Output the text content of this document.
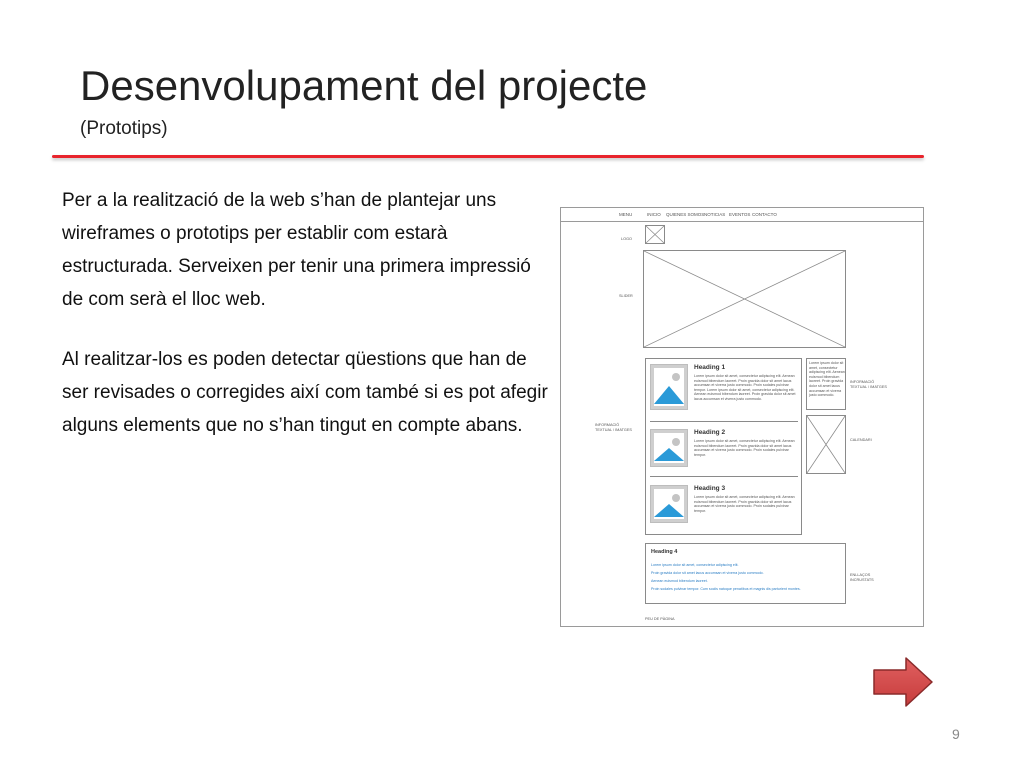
Desenvolupament del projecte
(Prototips)

Per a la realització de la web s’han de plantejar uns wireframes o prototips per establir com estarà estructurada. Serveixen per tenir una primera impressió de com serà el lloc web.

Al realitzar-los es poden detectar qüestions que han de ser revisades o corregides així com també si es pot afegir alguns elements que no s’han tingut en compte abans.

MENU	INICIO QUIENES SOMOS NOTICIAS EVENTOS CONTACTO
LOGO
SLIDER
INFORMACIÓ TEXTUAL / IMATGES
Heading 1
Lorem ipsum dolor sit amet, consectetur adipiscing elit. Aenean euismod bibendum laoreet. Proin gravida dolor sit amet lacus accumsan et viverra justo commodo. Proin sodales pulvinar tempor. Lorem ipsum dolor sit amet, consectetur adipiscing elit. Aenean euismod bibendum laoreet. Proin gravida dolor sit amet lacus accumsan et viverra justo commodo.
Heading 2
Lorem ipsum dolor sit amet, consectetur adipiscing elit. Aenean euismod bibendum laoreet. Proin gravida dolor sit amet lacus accumsan et viverra justo commodo. Proin sodales pulvinar tempor.
Heading 3
Lorem ipsum dolor sit amet, consectetur adipiscing elit. Aenean euismod bibendum laoreet. Proin gravida dolor sit amet lacus accumsan et viverra justo commodo. Proin sodales pulvinar tempor.
Lorem ipsum dolor sit amet, consectetur adipiscing elit. Aenean euismod bibendum laoreet. Proin gravida dolor sit amet lacus accumsan et viverra justo commodo.
INFORMACIÓ TEXTUAL / IMATGES
CALENDARI
Heading 4
Lorem ipsum dolor sit amet, consectetur adipiscing elit.
Proin gravida dolor sit amet lacus accumsan et viverra justo commodo.
Aenean euismod bibendum laoreet.
Proin sodales pulvinar tempor. Cum sociis natoque penatibus et magnis dis parturient montes.
ENLLAÇOS INCRUSTATS
PEU DE PÀGINA
9
